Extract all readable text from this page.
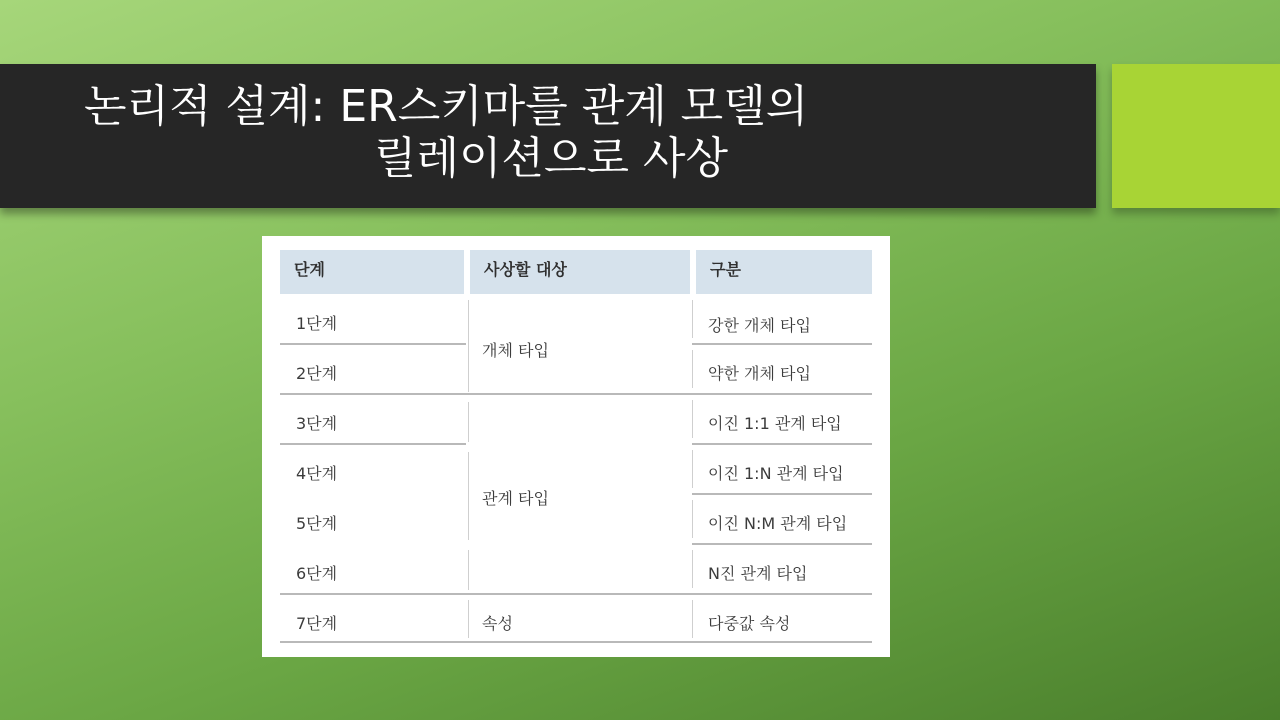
논리적 설계: ER스키마를 관계 모델의
릴레이션으로 사상
단계	사상할 대상	구분
1단계
2단계
3단계
4단계
5단계
6단계
7단계
개체 타입
관계 타입
속성
강한 개체 타입
약한 개체 타입
이진 1:1 관계 타입
이진 1:N 관계 타입
이진 N:M 관계 타입
N진 관계 타입
다중값 속성
